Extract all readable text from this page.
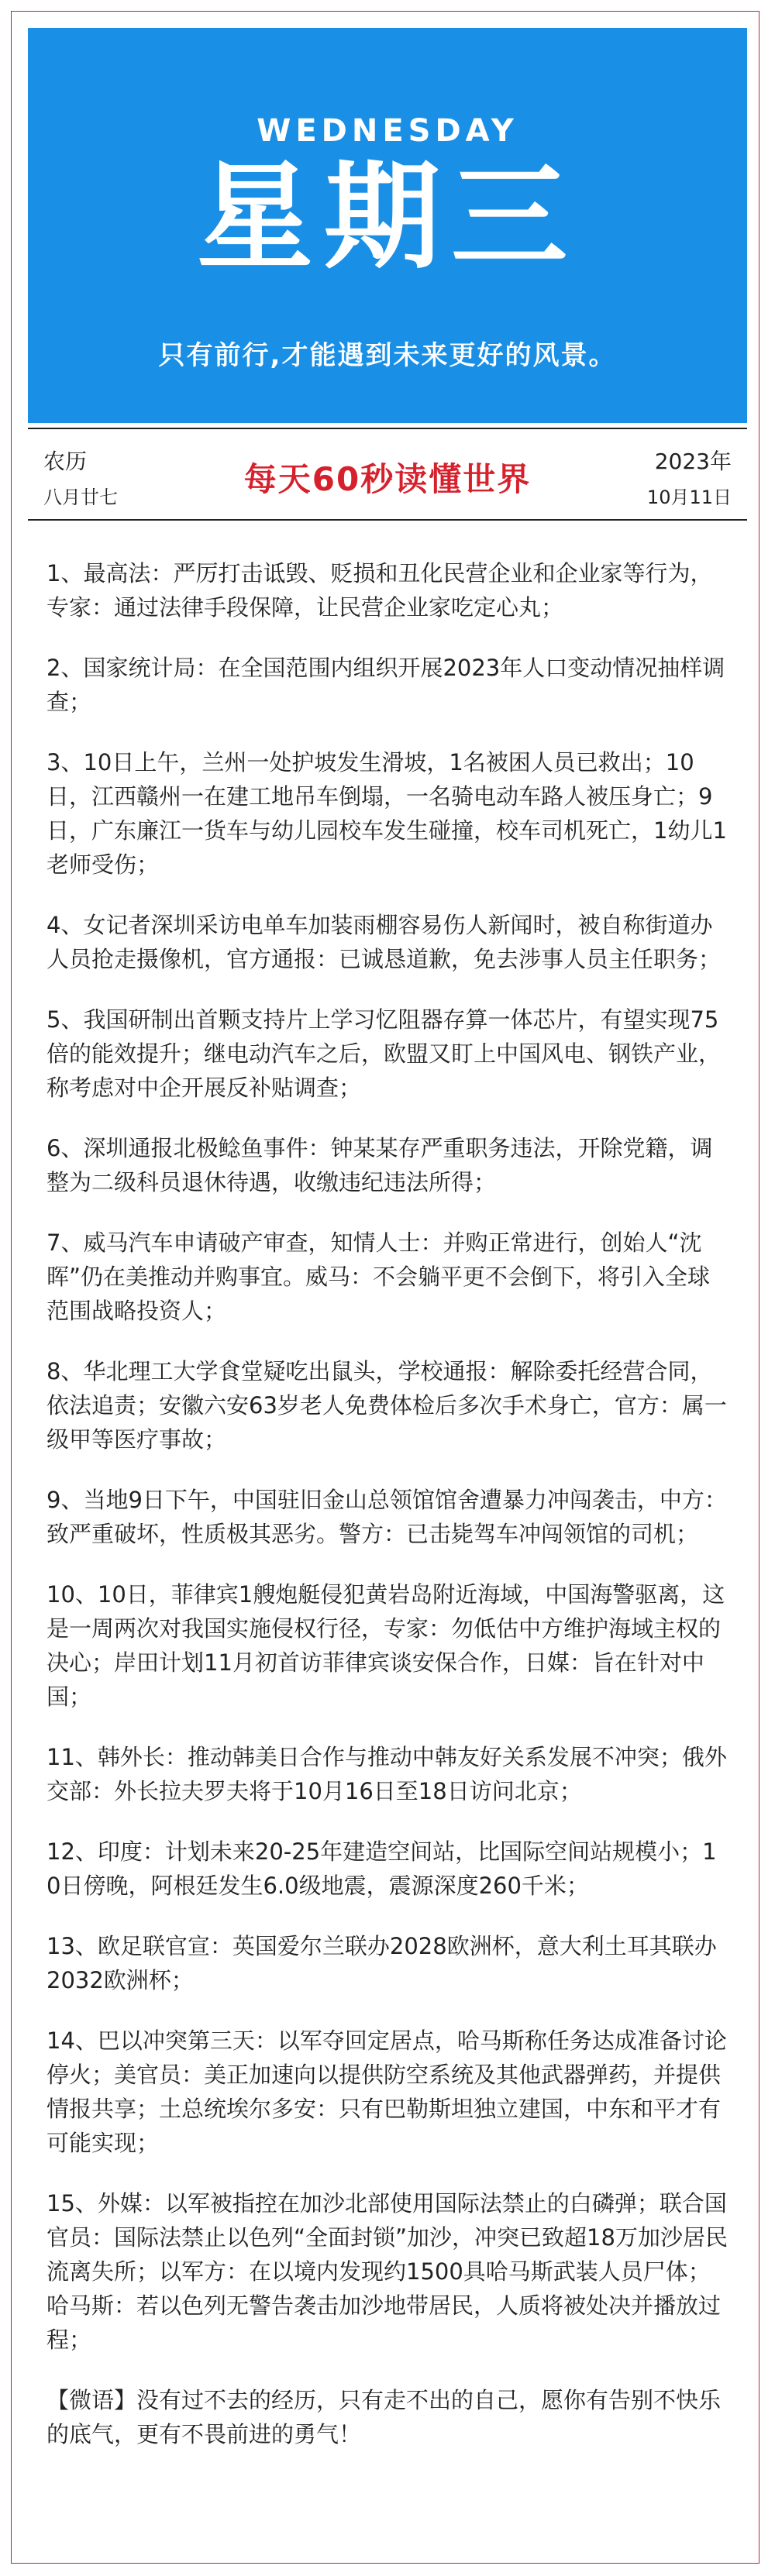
WEDNESDAY
星期三
只有前行,才能遇到未来更好的风景。
农历
八月廿七	每天60秒读懂世界	2023年
10月11日

1、最高法：严厉打击诋毁、贬损和丑化民营企业和企业家等行为，专家：通过法律手段保障，让民营企业家吃定心丸；

2、国家统计局：在全国范围内组织开展2023年人口变动情况抽样调查；

3、10日上午，兰州一处护坡发生滑坡，1名被困人员已救出；10日，江西赣州一在建工地吊车倒塌，一名骑电动车路人被压身亡；9日，广东廉江一货车与幼儿园校车发生碰撞，校车司机死亡，1幼儿1老师受伤；

4、女记者深圳采访电单车加装雨棚容易伤人新闻时，被自称街道办人员抢走摄像机，官方通报：已诚恳道歉，免去涉事人员主任职务；

5、我国研制出首颗支持片上学习忆阻器存算一体芯片，有望实现75倍的能效提升；继电动汽车之后，欧盟又盯上中国风电、钢铁产业，称考虑对中企开展反补贴调查；

6、深圳通报北极鲶鱼事件：钟某某存严重职务违法，开除党籍，调整为二级科员退休待遇，收缴违纪违法所得；

7、威马汽车申请破产审查，知情人士：并购正常进行，创始人“沈晖”仍在美推动并购事宜。威马：不会躺平更不会倒下，将引入全球范围战略投资人；

8、华北理工大学食堂疑吃出鼠头，学校通报：解除委托经营合同，依法追责；安徽六安63岁老人免费体检后多次手术身亡，官方：属一级甲等医疗事故；

9、当地9日下午，中国驻旧金山总领馆馆舍遭暴力冲闯袭击，中方：致严重破坏，性质极其恶劣。警方：已击毙驾车冲闯领馆的司机；

10、10日，菲律宾1艘炮艇侵犯黄岩岛附近海域，中国海警驱离，这是一周两次对我国实施侵权行径，专家：勿低估中方维护海域主权的决心；岸田计划11月初首访菲律宾谈安保合作，日媒：旨在针对中国；

11、韩外长：推动韩美日合作与推动中韩友好关系发展不冲突；俄外交部：外长拉夫罗夫将于10月16日至18日访问北京；

12、印度：计划未来20-25年建造空间站，比国际空间站规模小；10日傍晚，阿根廷发生6.0级地震，震源深度260千米；

13、欧足联官宣：英国爱尔兰联办2028欧洲杯，意大利土耳其联办2032欧洲杯；

14、巴以冲突第三天：以军夺回定居点，哈马斯称任务达成准备讨论停火；美官员：美正加速向以提供防空系统及其他武器弹药，并提供情报共享；土总统埃尔多安：只有巴勒斯坦独立建国，中东和平才有可能实现；

15、外媒：以军被指控在加沙北部使用国际法禁止的白磷弹；联合国官员：国际法禁止以色列“全面封锁”加沙，冲突已致超18万加沙居民流离失所；以军方：在以境内发现约1500具哈马斯武装人员尸体；哈马斯：若以色列无警告袭击加沙地带居民，人质将被处决并播放过程；

【微语】没有过不去的经历，只有走不出的自己，愿你有告别不快乐的底气，更有不畏前进的勇气！
